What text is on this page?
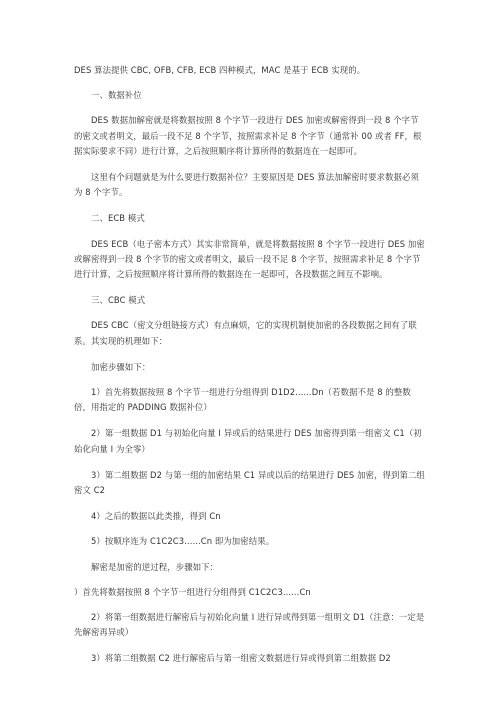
DES 算法提供 CBC, OFB, CFB, ECB 四种模式，MAC 是基于 ECB 实现的。

一、数据补位

DES 数据加解密就是将数据按照 8 个字节一段进行 DES 加密或解密得到一段 8 个字节的密文或者明文，最后一段不足 8 个字节，按照需求补足 8 个字节（通常补 00 或者 FF，根据实际要求不同）进行计算，之后按照顺序将计算所得的数据连在一起即可。

这里有个问题就是为什么要进行数据补位？主要原因是 DES 算法加解密时要求数据必须为 8 个字节。

二、ECB 模式

DES ECB（电子密本方式）其实非常简单，就是将数据按照 8 个字节一段进行 DES 加密或解密得到一段 8 个字节的密文或者明文，最后一段不足 8 个字节，按照需求补足 8 个字节进行计算，之后按照顺序将计算所得的数据连在一起即可，各段数据之间互不影响。

三、CBC 模式

DES CBC（密文分组链接方式）有点麻烦，它的实现机制使加密的各段数据之间有了联系。其实现的机理如下：

加密步骤如下：

1）首先将数据按照 8 个字节一组进行分组得到 D1D2......Dn（若数据不是 8 的整数倍，用指定的 PADDING 数据补位）

2）第一组数据 D1 与初始化向量 I 异或后的结果进行 DES 加密得到第一组密文 C1（初始化向量 I 为全零）

3）第二组数据 D2 与第一组的加密结果 C1 异或以后的结果进行 DES 加密，得到第二组密文 C2

4）之后的数据以此类推，得到 Cn

5）按顺序连为 C1C2C3......Cn 即为加密结果。

解密是加密的逆过程，步骤如下：

）首先将数据按照 8 个字节一组进行分组得到 C1C2C3......Cn

2）将第一组数据进行解密后与初始化向量 I 进行异或得到第一组明文 D1（注意：一定是先解密再异或）

3）将第二组数据 C2 进行解密后与第一组密文数据进行异或得到第二组数据 D2
